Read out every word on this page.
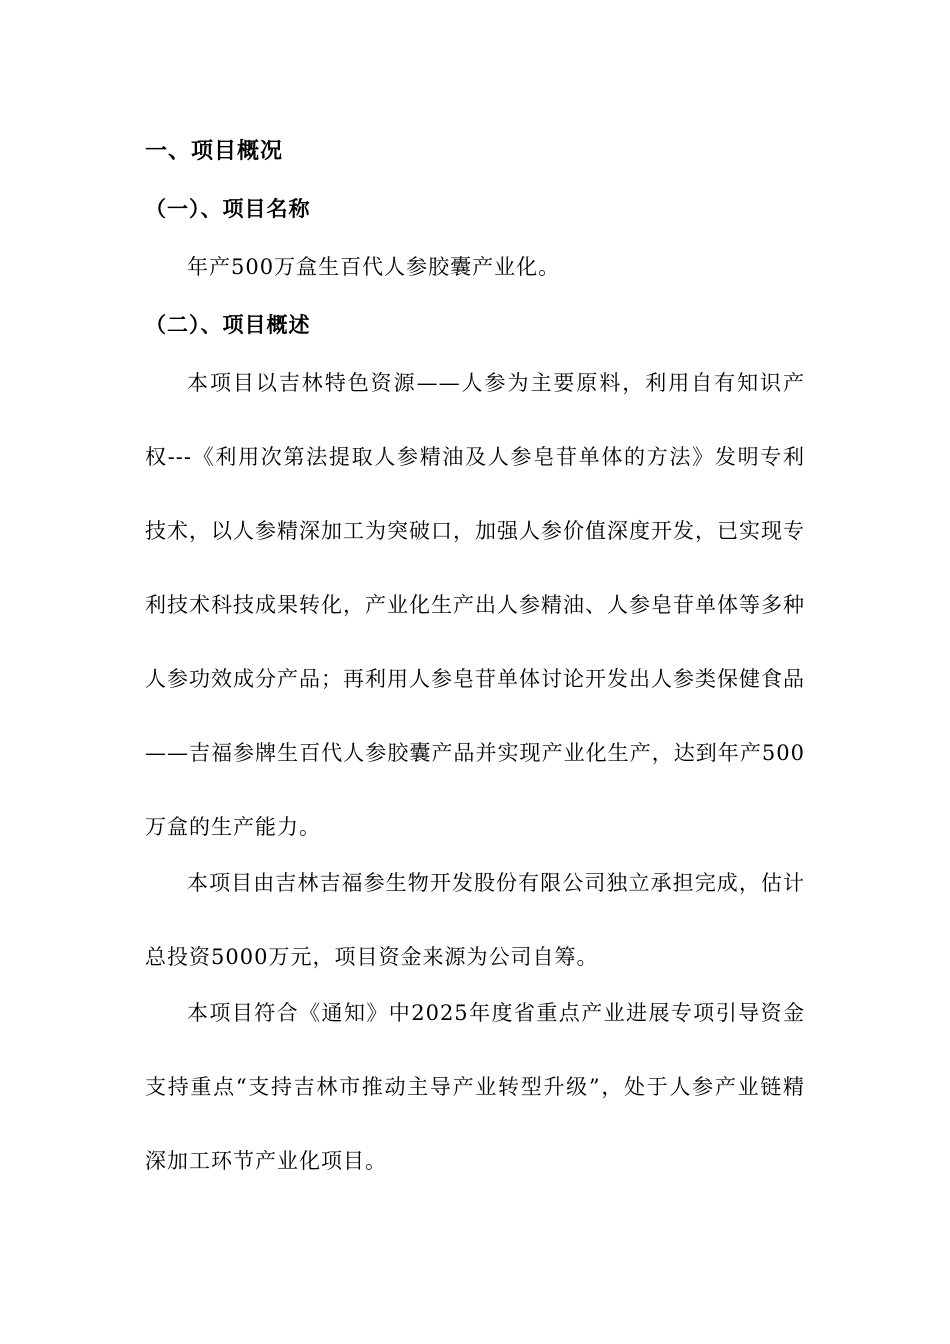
一、项目概况
（一）、项目名称

年产500万盒生百代人参胶囊产业化。

（二）、项目概述

本项目以吉林特色资源——人参为主要原料，利用自有知识产权---《利用次第法提取人参精油及人参皂苷单体的方法》发明专利技术，以人参精深加工为突破口，加强人参价值深度开发，已实现专利技术科技成果转化，产业化生产出人参精油、人参皂苷单体等多种人参功效成分产品；再利用人参皂苷单体讨论开发出人参类保健食品——吉福参牌生百代人参胶囊产品并实现产业化生产，达到年产500万盒的生产能力。

本项目由吉林吉福参生物开发股份有限公司独立承担完成，估计总投资5000万元，项目资金来源为公司自筹。

本项目符合《通知》中2025年度省重点产业进展专项引导资金支持重点“支持吉林市推动主导产业转型升级”，处于人参产业链精深加工环节产业化项目。
